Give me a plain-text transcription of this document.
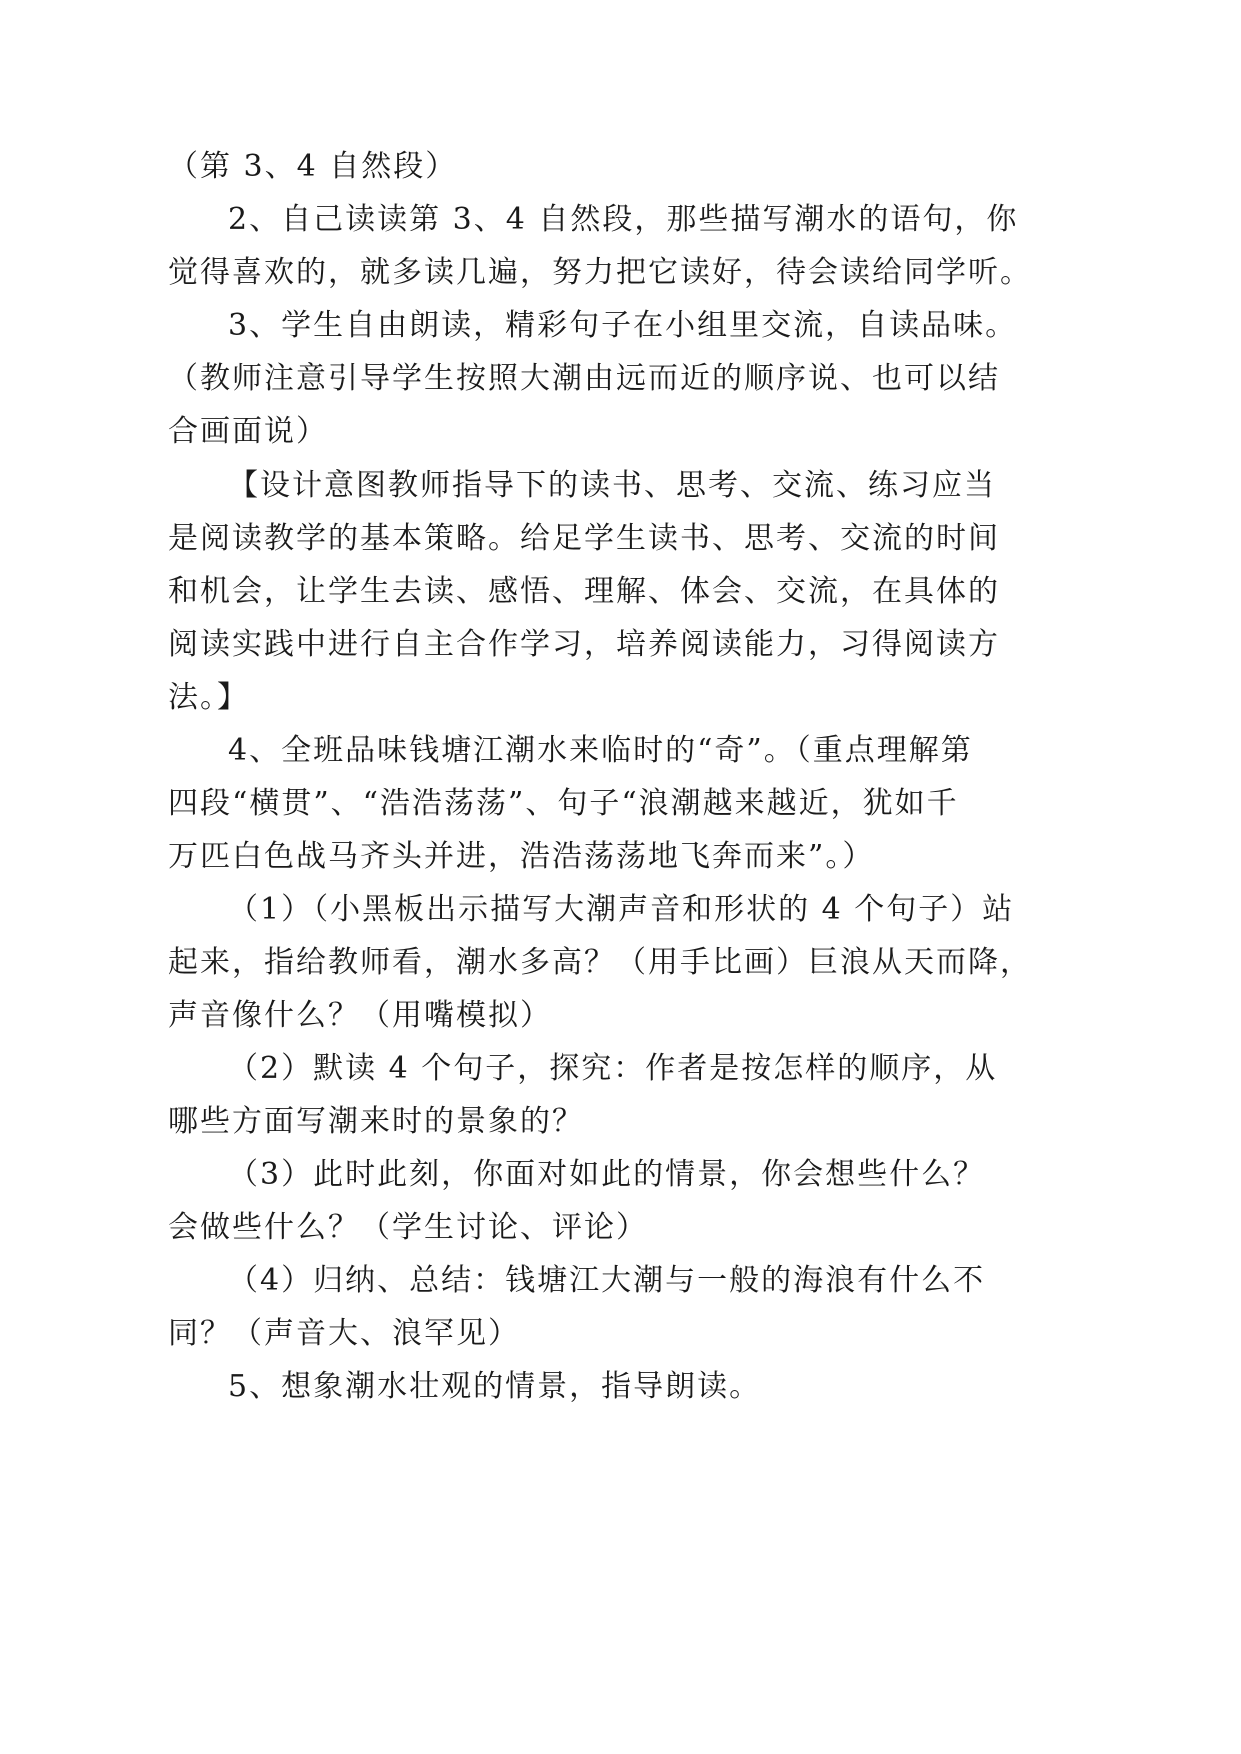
（第 3、4 自然段）
2、自己读读第 3、4 自然段，那些描写潮水的语句，你
觉得喜欢的，就多读几遍，努力把它读好，待会读给同学听。
3、学生自由朗读，精彩句子在小组里交流，自读品味。
（教师注意引导学生按照大潮由远而近的顺序说、也可以结
合画面说）
【设计意图教师指导下的读书、思考、交流、练习应当
是阅读教学的基本策略。给足学生读书、思考、交流的时间
和机会，让学生去读、感悟、理解、体会、交流，在具体的
阅读实践中进行自主合作学习，培养阅读能力，习得阅读方
法。】
4、全班品味钱塘江潮水来临时的“奇”。（重点理解第
四段“横贯”、“浩浩荡荡”、句子“浪潮越来越近，犹如千
万匹白色战马齐头并进，浩浩荡荡地飞奔而来”。）
（1）（小黑板出示描写大潮声音和形状的 4 个句子）站
起来，指给教师看，潮水多高？（用手比画）巨浪从天而降，
声音像什么？（用嘴模拟）
（2）默读 4 个句子，探究：作者是按怎样的顺序，从
哪些方面写潮来时的景象的？
（3）此时此刻，你面对如此的情景，你会想些什么？
会做些什么？（学生讨论、评论）
（4）归纳、总结：钱塘江大潮与一般的海浪有什么不
同？（声音大、浪罕见）
5、想象潮水壮观的情景，指导朗读。
